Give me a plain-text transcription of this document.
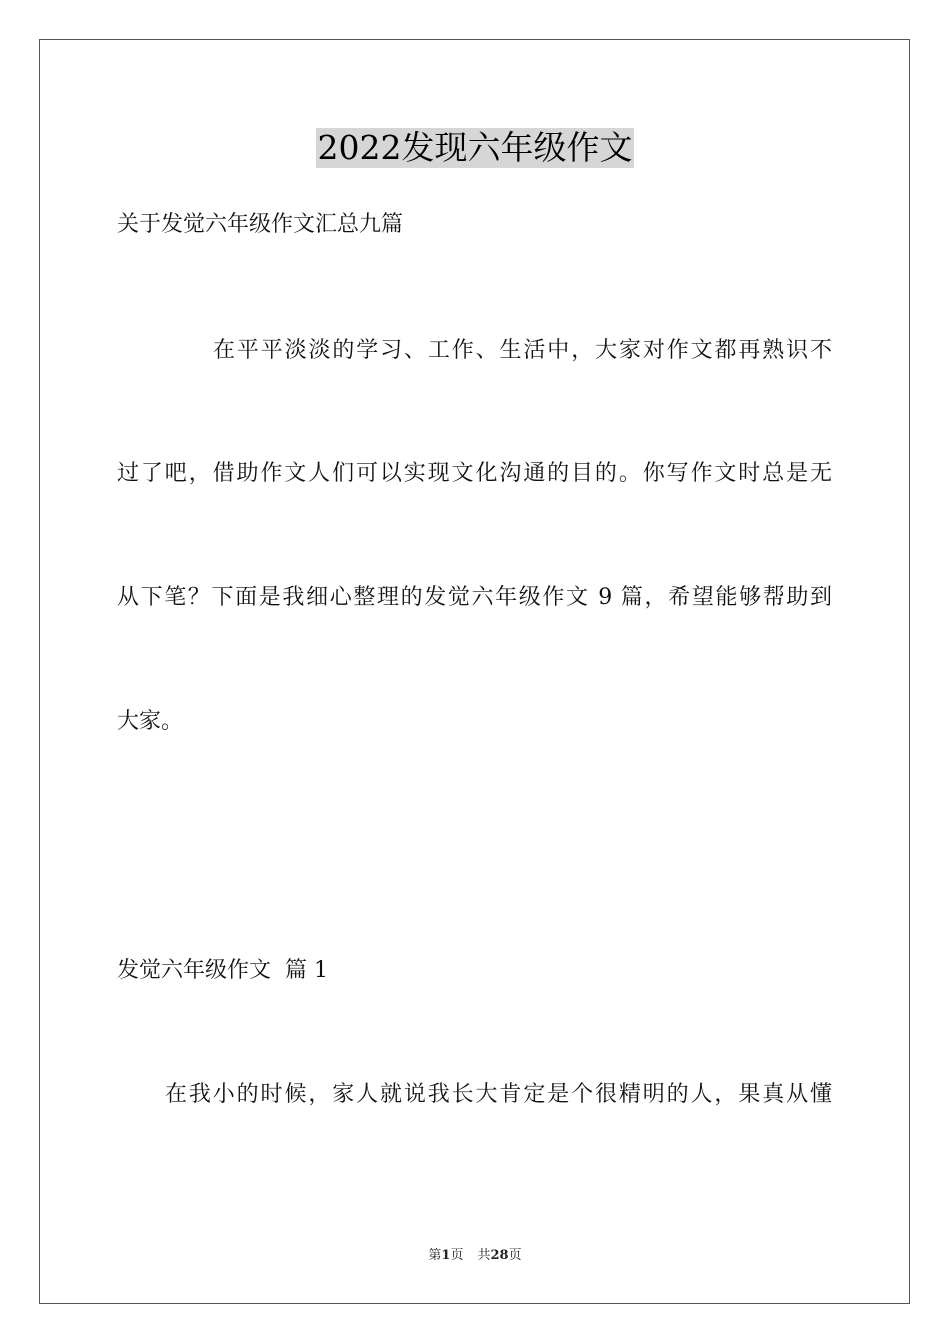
2022发现六年级作文
关于发觉六年级作文汇总九篇
在平平淡淡的学习、工作、生活中，大家对作文都再熟识不
过了吧，借助作文人们可以实现文化沟通的目的。你写作文时总是无
从下笔？下面是我细心整理的发觉六年级作文 9 篇，希望能够帮助到
大家。
发觉六年级作文  篇 1
在我小的时候，家人就说我长大肯定是个很精明的人，果真从懂
第1页 共28页
